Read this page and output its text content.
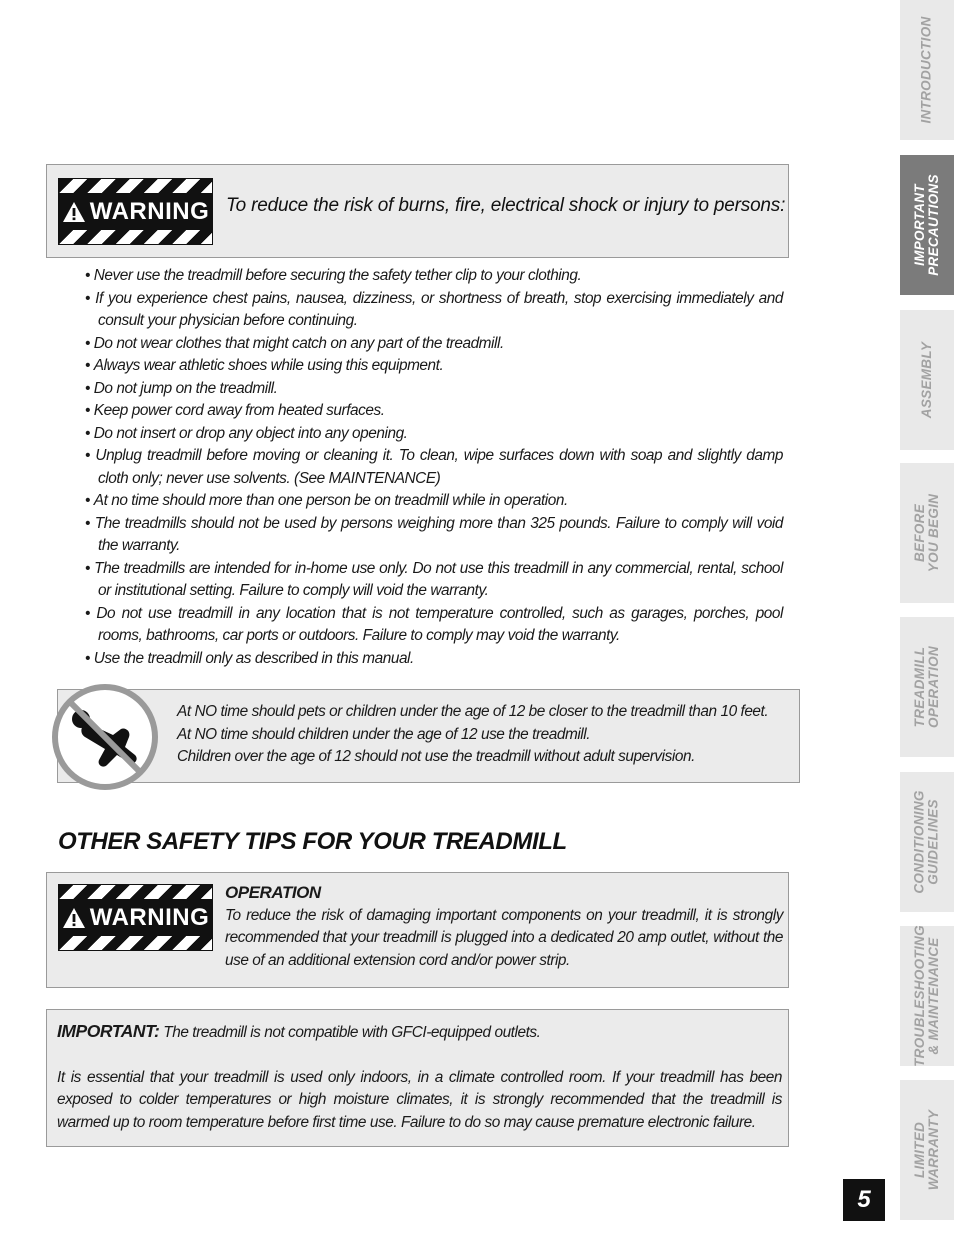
WARNING To reduce the risk of burns, fire, electrical shock or injury to persons:
• Never use the treadmill before securing the safety tether clip to your clothing.
• If you experience chest pains, nausea, dizziness, or shortness of breath, stop exercising immediately and consult your physician before continuing.
• Do not wear clothes that might catch on any part of the treadmill.
• Always wear athletic shoes while using this equipment.
• Do not jump on the treadmill.
• Keep power cord away from heated surfaces.
• Do not insert or drop any object into any opening.
• Unplug treadmill before moving or cleaning it. To clean, wipe surfaces down with soap and slightly damp cloth only; never use solvents. (See MAINTENANCE)
• At no time should more than one person be on treadmill while in operation.
• The treadmills should not be used by persons weighing more than 325 pounds. Failure to comply will void the warranty.
• The treadmills are intended for in-home use only. Do not use this treadmill in any commercial, rental, school or institutional setting. Failure to comply will void the warranty.
• Do not use treadmill in any location that is not temperature controlled, such as garages, porches, pool rooms, bathrooms, car ports or outdoors. Failure to comply may void the warranty.
• Use the treadmill only as described in this manual.
At NO time should pets or children under the age of 12 be closer to the treadmill than 10 feet.
At NO time should children under the age of 12 use the treadmill.
Children over the age of 12 should not use the treadmill without adult supervision.
OTHER SAFETY TIPS FOR YOUR TREADMILL
WARNING
OPERATION
To reduce the risk of damaging important components on your treadmill, it is strongly recommended that your treadmill is plugged into a dedicated 20 amp outlet, without the use of an additional extension cord and/or power strip.

IMPORTANT: The treadmill is not compatible with GFCI-equipped outlets.

It is essential that your treadmill is used only indoors, in a climate controlled room. If your treadmill has been exposed to colder temperatures or high moisture climates, it is strongly recommended that the treadmill is warmed up to room temperature before first time use. Failure to do so may cause premature electronic failure.

INTRODUCTION
IMPORTANT
PRECAUTIONS
ASSEMBLY
BEFORE
YOU BEGIN
TREADMILL
OPERATION
CONDITIONING
GUIDELINES
TROUBLESHOOTING
& MAINTENANCE
LIMITED
WARRANTY
5
